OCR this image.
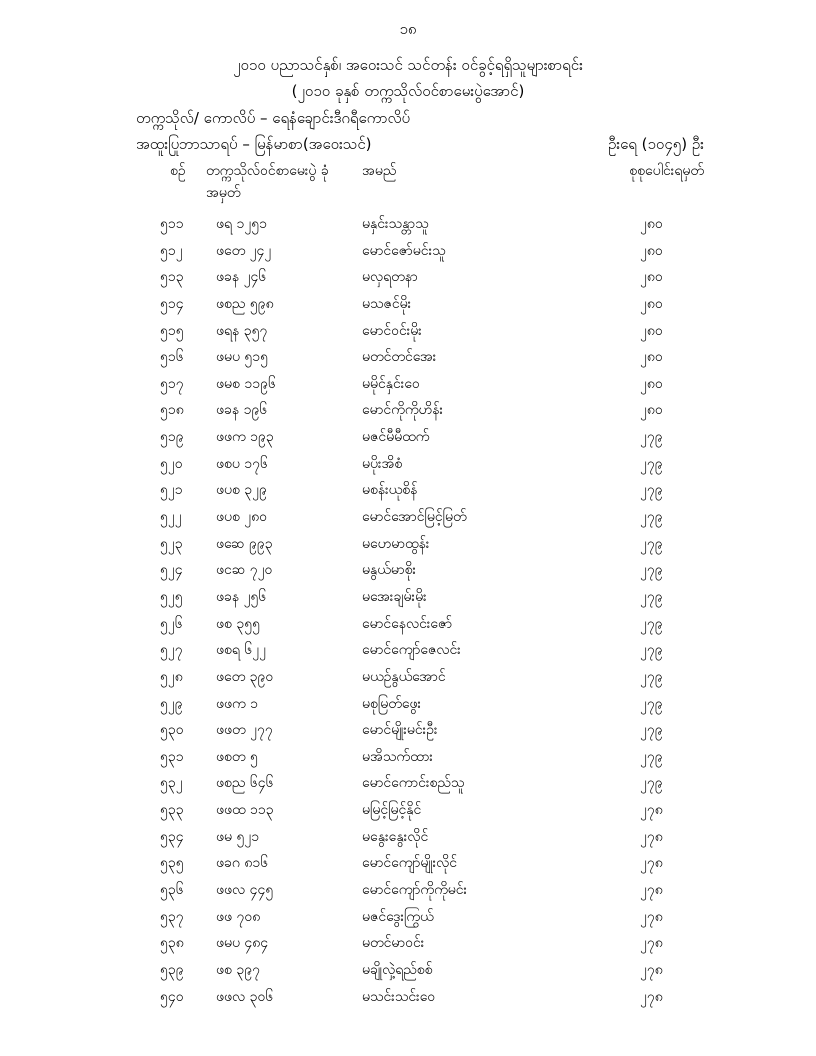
၁၈
၂၀၁၀ ပညာသင်နှစ်၊ အဝေးသင် သင်တန်း ဝင်ခွင့်ရရှိသူများစာရင်း
(၂၀၁၀ ခုနှစ် တက္ကသိုလ်ဝင်စာမေးပွဲအောင်)
တက္ကသိုလ်/ ကောလိပ် – ရေနံချောင်းဒီဂရီကောလိပ်
အထူးပြုဘာသာရပ် – မြန်မာစာ(အဝေးသင်)	ဦးရေ (၁၀၄၅) ဦး
စဉ် တက္ကသိုလ်ဝင်စာမေးပွဲ ခုံအမှတ်
အမည်	စုစုပေါင်းရမှတ်
၅၁၁ ဖရ ၁၂၅၁	မနှင်းသန္တာသူ	၂၈၀
၅၁၂ ဖတေ ၂၄၂	မောင်ဇော်မင်းသူ	၂၈၀
၅၁၃ ဖခန ၂၄၆	မလှရတနာ	၂၈၀
၅၁၄ ဖစည ၅၉၈	မသဇင်မိုး	၂၈၀
၅၁၅ ဖရန ၃၅၇	မောင်ဝင်းမိုး	၂၈၀
၅၁၆ ဖမပ ၅၁၅	မတင်တင်အေး	၂၈၀
၅၁၇ ဖမစ ၁၁၉၆	မမိုင်နှင်းဝေ	၂၈၀
၅၁၈ ဖခန ၁၉၆	မောင်ကိုကိုဟိန်း	၂၈၀
၅၁၉ ဖဖက ၁၉၃	မဇင်မီမီထက်	၂၇၉
၅၂၀ ဖစပ ၁၇၆	မပိုးအိစံ	၂၇၉
၅၂၁ ဖပစ ၃၂၉	မစန်းယုစိန်	၂၇၉
၅၂၂ ဖပစ ၂၈၀	မောင်အောင်မြင့်မြတ်	၂၇၉
၅၂၃ ဖဆေ ၉၉၃	မဟေမာထွန်း	၂၇၉
၅၂၄ ဖငဆ ၇၂၀	မနွယ်မာစိုး	၂၇၉
၅၂၅ ဖခန ၂၅၆	မအေးချမ်းမိုး	၂၇၉
၅၂၆ ဖစ ၃၅၅	မောင်နေလင်းဇော်	၂၇၉
၅၂၇ ဖစရ ၆၂၂	မောင်ကျော်ဇေလင်း	၂၇၉
၅၂၈ ဖတေ ၃၉၀	မယဉ်နွယ်အောင်	၂၇၉
၅၂၉ ဖဖက ၁	မစုမြတ်ဖွေး	၂၇၉
၅၃၀ ဖဖတ ၂၇၇	မောင်မျိုးမင်းဦး	၂၇၉
၅၃၁ ဖစတ ၅	မအိသက်ထား	၂၇၉
၅၃၂ ဖစည ၆၄၆	မောင်ကောင်းစည်သူ	၂၇၉
၅၃၃ ဖဖထ ၁၁၃	မမြင့်မြင့်နိုင်	၂၇၈
၅၃၄ ဖမ ၅၂၁	မနွေးနွေးလိုင်	၂၇၈
၅၃၅ ဖခဂ ၈၁၆	မောင်ကျော်မျိုးလိုင်	၂၇၈
၅၃၆ ဖဖလ ၄၄၅	မောင်ကျော်ကိုကိုမင်း	၂၇၈
၅၃၇ ဖဖ ၇၀၈	မဇင်ဒွေးကြွယ်	၂၇၈
၅၃၈ ဖမပ ၄၈၄	မတင်မာဝင်း	၂၇၈
၅၃၉ ဖစ ၃၉၇	မချိုလှဲ့ရည်စစ်	၂၇၈
၅၄၀ ဖဖလ ၃၀၆	မသင်းသင်းဝေ	၂၇၈
